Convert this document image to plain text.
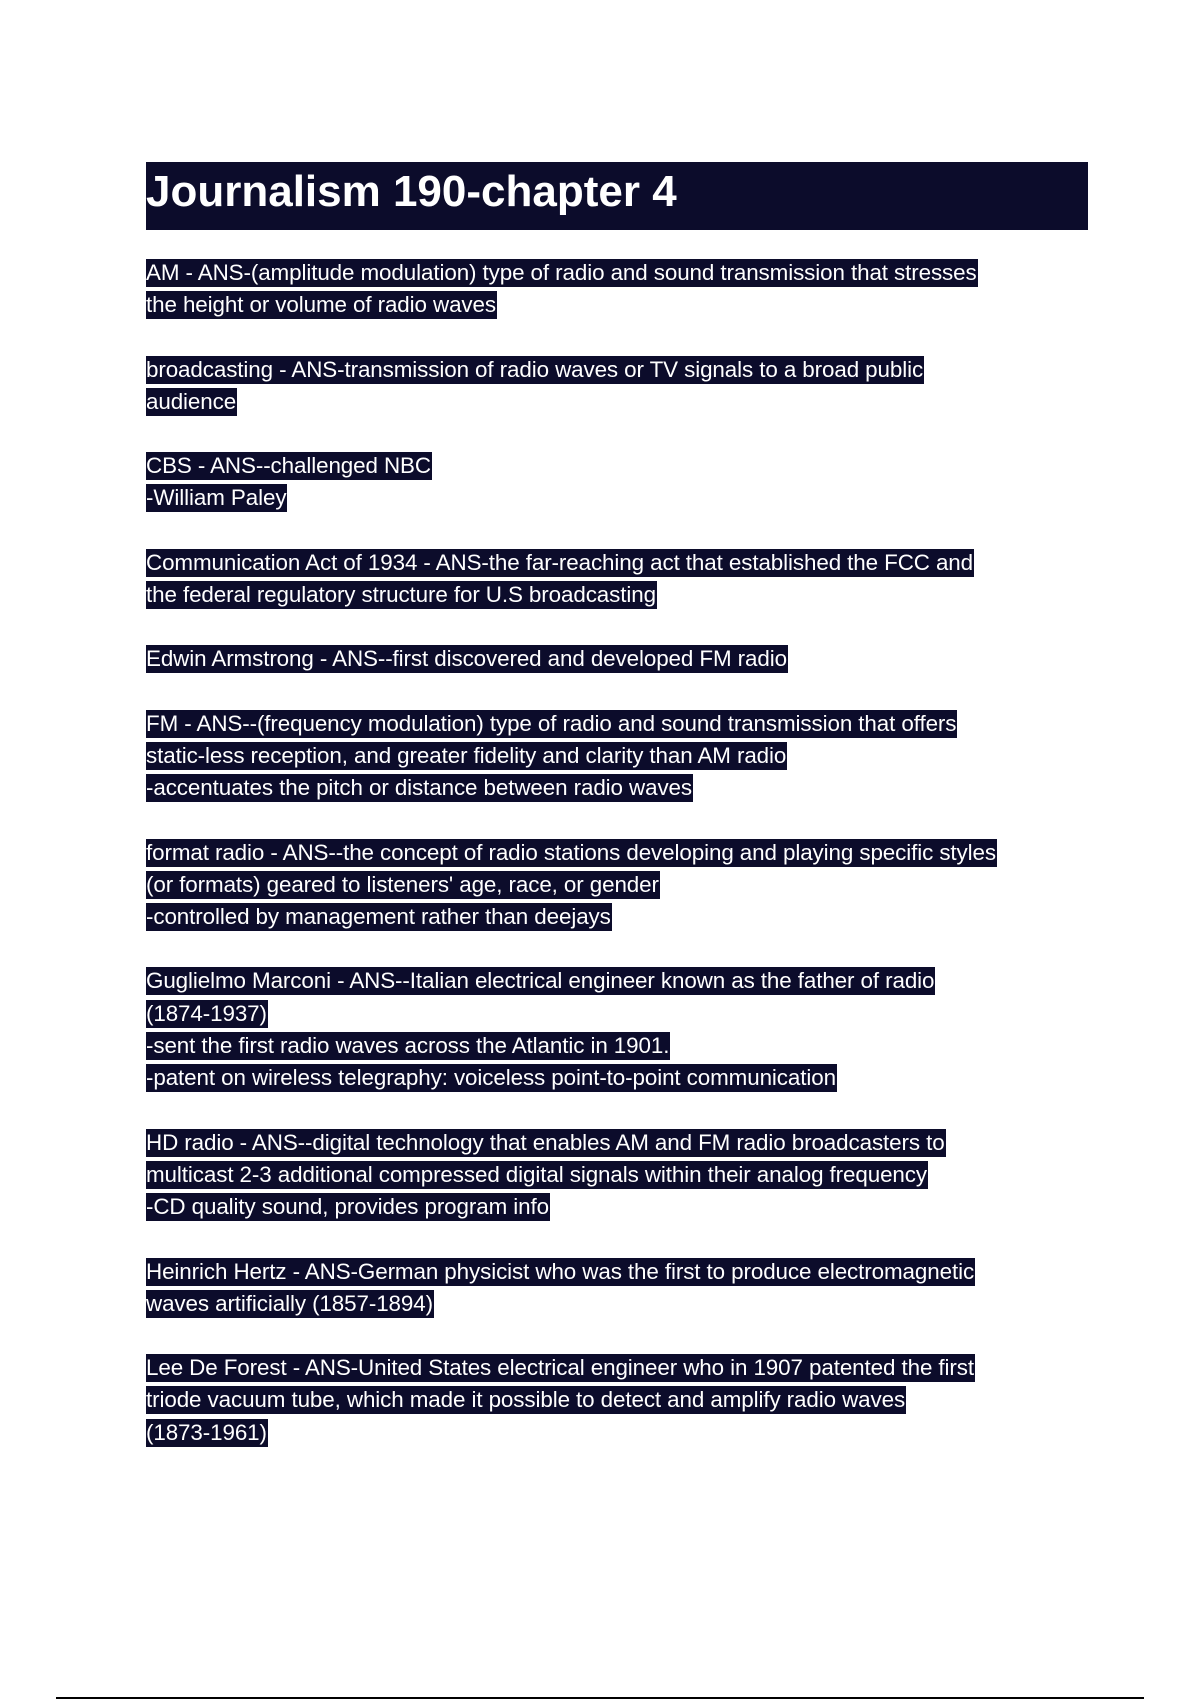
Journalism 190-chapter 4
AM - ANS-(amplitude modulation) type of radio and sound transmission that stresses
the height or volume of radio waves
broadcasting - ANS-transmission of radio waves or TV signals to a broad public
audience
CBS - ANS--challenged NBC
-William Paley
Communication Act of 1934 - ANS-the far-reaching act that established the FCC and
the federal regulatory structure for U.S broadcasting
Edwin Armstrong - ANS--first discovered and developed FM radio
FM - ANS--(frequency modulation) type of radio and sound transmission that offers
static-less reception, and greater fidelity and clarity than AM radio
-accentuates the pitch or distance between radio waves
format radio - ANS--the concept of radio stations developing and playing specific styles
(or formats) geared to listeners' age, race, or gender
-controlled by management rather than deejays
Guglielmo Marconi - ANS--Italian electrical engineer known as the father of radio
(1874-1937)
-sent the first radio waves across the Atlantic in 1901.
-patent on wireless telegraphy: voiceless point-to-point communication
HD radio - ANS--digital technology that enables AM and FM radio broadcasters to
multicast 2-3 additional compressed digital signals within their analog frequency
-CD quality sound, provides program info
Heinrich Hertz - ANS-German physicist who was the first to produce electromagnetic
waves artificially (1857-1894)
Lee De Forest - ANS-United States electrical engineer who in 1907 patented the first
triode vacuum tube, which made it possible to detect and amplify radio waves
(1873-1961)
